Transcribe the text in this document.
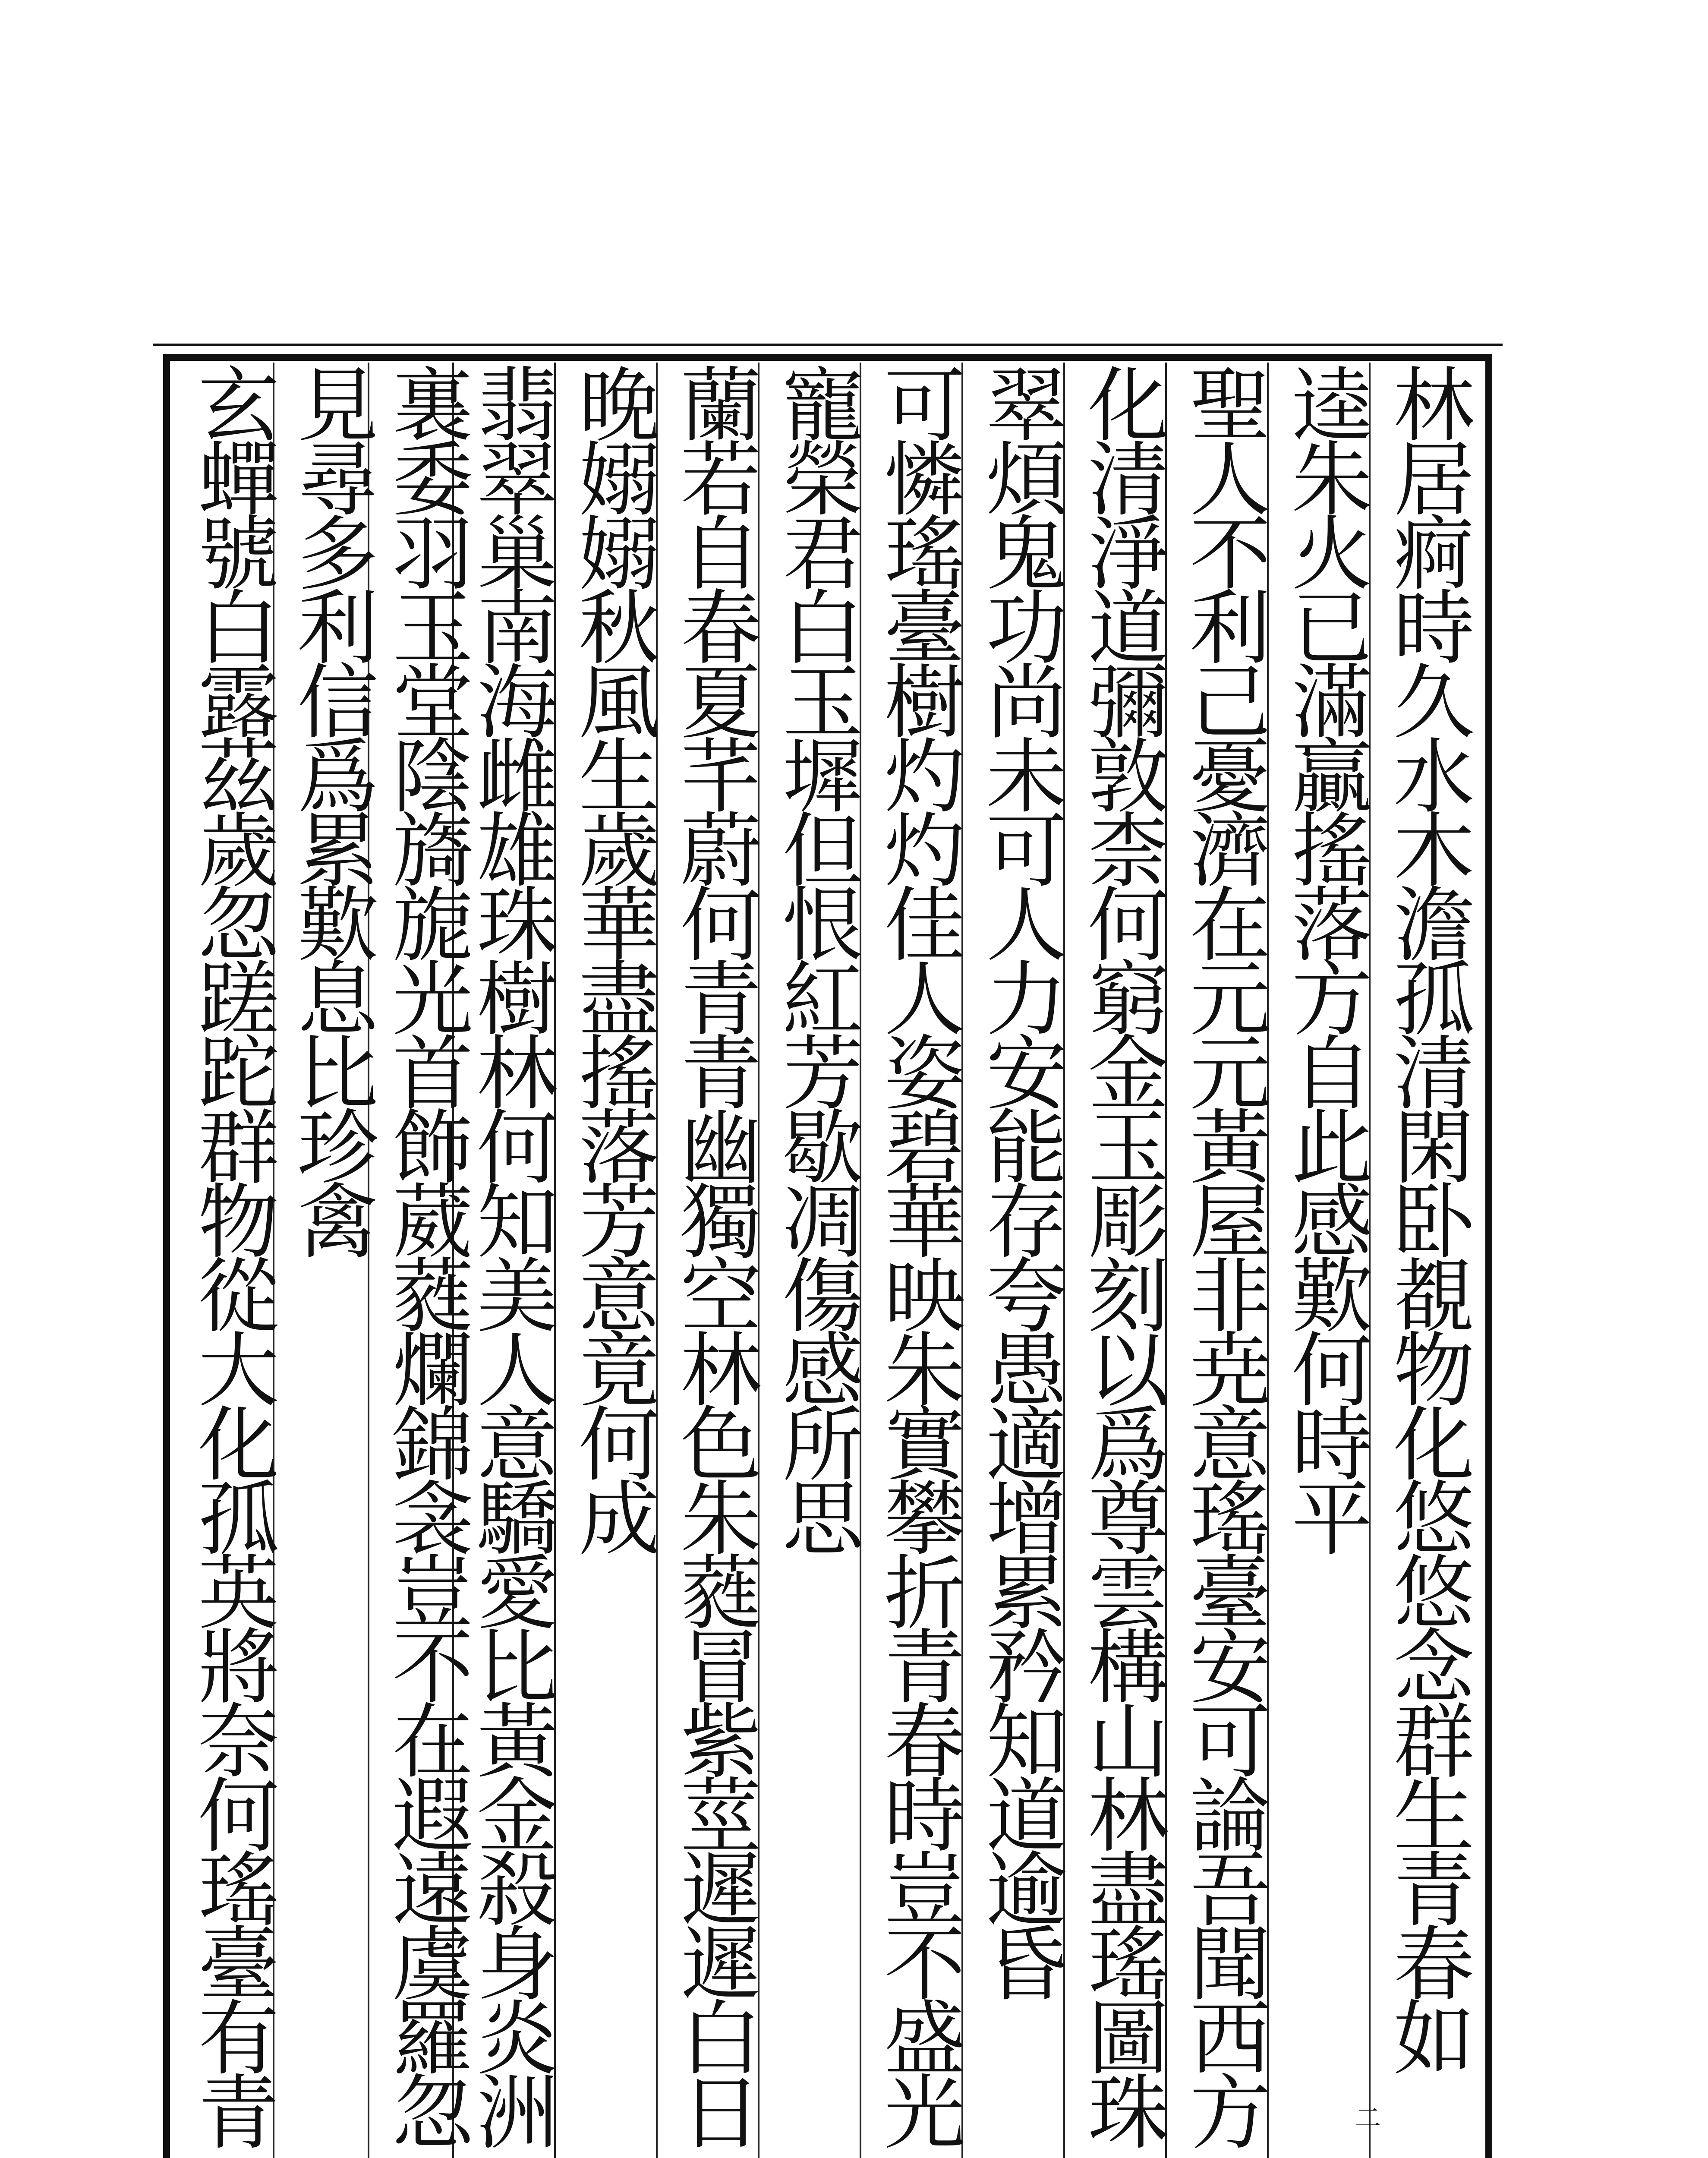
林居痾時久水木澹孤清閑卧覩物化悠悠念群生青春如
逵朱火已滿贏搖落方自此感歎何時平
聖人不利己憂濟在元元黃屋非尭意瑤臺安可論吾聞西方
化清淨道彌敦柰何窮金玉彫刻以爲尊雲構山林盡瑤圖珠
翠煩鬼功尚未可人力安能存夸愚適增累矜知道逾昏
可憐瑤臺樹灼灼佳人姿碧華映朱實攀折青春時豈不盛光
寵榮君白玉墀但恨紅芳歇凋傷感所思
蘭若自春夏芊蔚何青青幽獨空林色朱蕤冒紫莖遲遲白日
晚嫋嫋秋風生歲華盡搖落芳意竟何成
翡翠巢南海雌雄珠樹林何知美人意驕愛比黃金殺身炎洲
裏委羽玉堂陰旖旎光首飾葳蕤爛錦衾豈不在遐遠虞羅忽
見尋多利信爲累歎息比珍禽
玄蟬號白露茲歲忽蹉跎群物從大化孤英將奈何瑤臺有青	二
